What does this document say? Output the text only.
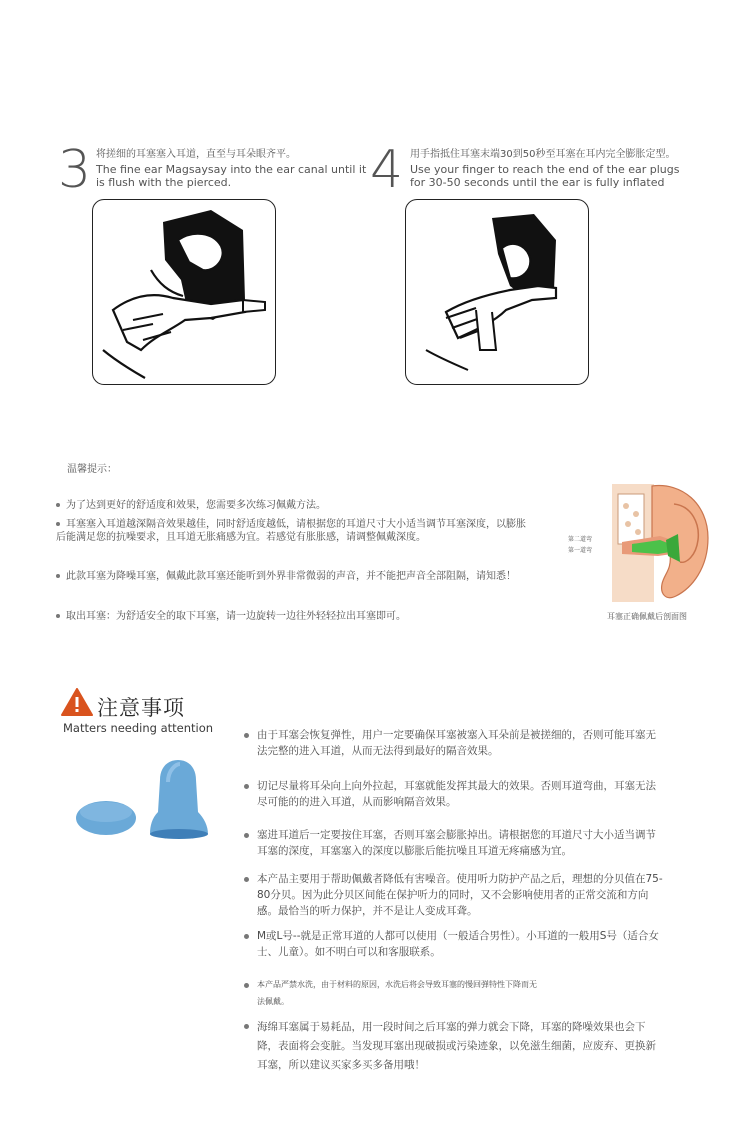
3 将搓细的耳塞塞入耳道，直至与耳朵眼齐平。
The fine ear Magsaysay into the ear canal until it
is flush with the pierced.	4 用手指抵住耳塞末端30到50秒至耳塞在耳内完全膨胀定型。
Use your finger to reach the end of the ear plugs
for 30-50 seconds until the ear is fully inflated
温馨提示：
为了达到更好的舒适度和效果，您需要多次练习佩戴方法。
耳塞塞入耳道越深隔音效果越佳，同时舒适度越低，请根据您的耳道尺寸大小适当调节耳塞深度，以膨胀后能满足您的抗噪要求，且耳道无胀痛感为宜。若感觉有胀胀感，请调整佩戴深度。
此款耳塞为降噪耳塞，佩戴此款耳塞还能听到外界非常微弱的声音，并不能把声音全部阻隔，请知悉！
取出耳塞：为舒适安全的取下耳塞，请一边旋转一边往外轻轻拉出耳塞即可。
第二道弯
第一道弯
耳塞正确佩戴后剖面图
注意事项
Matters needing attention	由于耳塞会恢复弹性，用户一定要确保耳塞被塞入耳朵前是被搓细的，否则可能耳塞无法完整的进入耳道，从而无法得到最好的隔音效果。
切记尽量将耳朵向上向外拉起，耳塞就能发挥其最大的效果。否则耳道弯曲，耳塞无法尽可能的的进入耳道，从而影响隔音效果。
塞进耳道后一定要按住耳塞，否则耳塞会膨胀掉出。请根据您的耳道尺寸大小适当调节耳塞的深度，耳塞塞入的深度以膨胀后能抗噪且耳道无疼痛感为宜。
本产品主要用于帮助佩戴者降低有害噪音。使用听力防护产品之后，理想的分贝值在75-80分贝。因为此分贝区间能在保护听力的同时，又不会影响使用者的正常交流和方向感。最恰当的听力保护，并不是让人变成耳聋。
M或L号--就是正常耳道的人都可以使用（一般适合男性）。小耳道的一般用S号（适合女士、儿童）。如不明白可以和客服联系。
本产品严禁水洗，由于材料的原因，水洗后将会导致耳塞的慢回弹特性下降而无法佩戴。
海绵耳塞属于易耗品，用一段时间之后耳塞的弹力就会下降，耳塞的降噪效果也会下降，表面将会变脏。当发现耳塞出现破损或污染迹象，以免滋生细菌，应废弃、更换新耳塞，所以建议买家多买多备用哦！
